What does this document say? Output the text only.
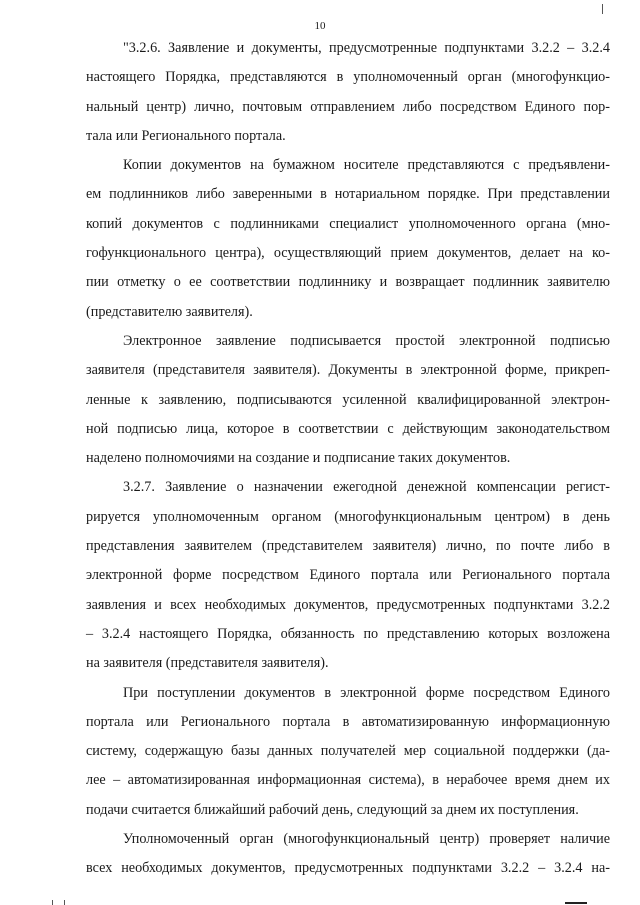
10
"3.2.6. Заявление и документы, предусмотренные подпунктами 3.2.2 – 3.2.4
настоящего Порядка, представляются в уполномоченный орган (многофункцио-
нальный центр) лично, почтовым отправлением либо посредством Единого пор-
тала или Регионального портала.
Копии документов на бумажном носителе представляются с предъявлени-
ем подлинников либо заверенными в нотариальном порядке. При представлении
копий документов с подлинниками специалист уполномоченного органа (мно-
гофункционального центра), осуществляющий прием документов, делает на ко-
пии отметку о ее соответствии подлиннику и возвращает подлинник заявителю
(представителю заявителя).
Электронное заявление подписывается простой электронной подписью
заявителя (представителя заявителя). Документы в электронной форме, прикреп-
ленные к заявлению, подписываются усиленной квалифицированной электрон-
ной подписью лица, которое в соответствии с действующим законодательством
наделено полномочиями на создание и подписание таких документов.
3.2.7. Заявление о назначении ежегодной денежной компенсации регист-
рируется уполномоченным органом (многофункциональным центром) в день
представления заявителем (представителем заявителя) лично, по почте либо в
электронной форме посредством Единого портала или Регионального портала
заявления и всех необходимых документов, предусмотренных подпунктами 3.2.2
– 3.2.4 настоящего Порядка, обязанность по представлению которых возложена
на заявителя (представителя заявителя).
При поступлении документов в электронной форме посредством Единого
портала или Регионального портала в автоматизированную информационную
систему, содержащую базы данных получателей мер социальной поддержки (да-
лее – автоматизированная информационная система), в нерабочее время днем их
подачи считается ближайший рабочий день, следующий за днем их поступления.
Уполномоченный орган (многофункциональный центр) проверяет наличие
всех необходимых документов, предусмотренных подпунктами 3.2.2 – 3.2.4 на-
